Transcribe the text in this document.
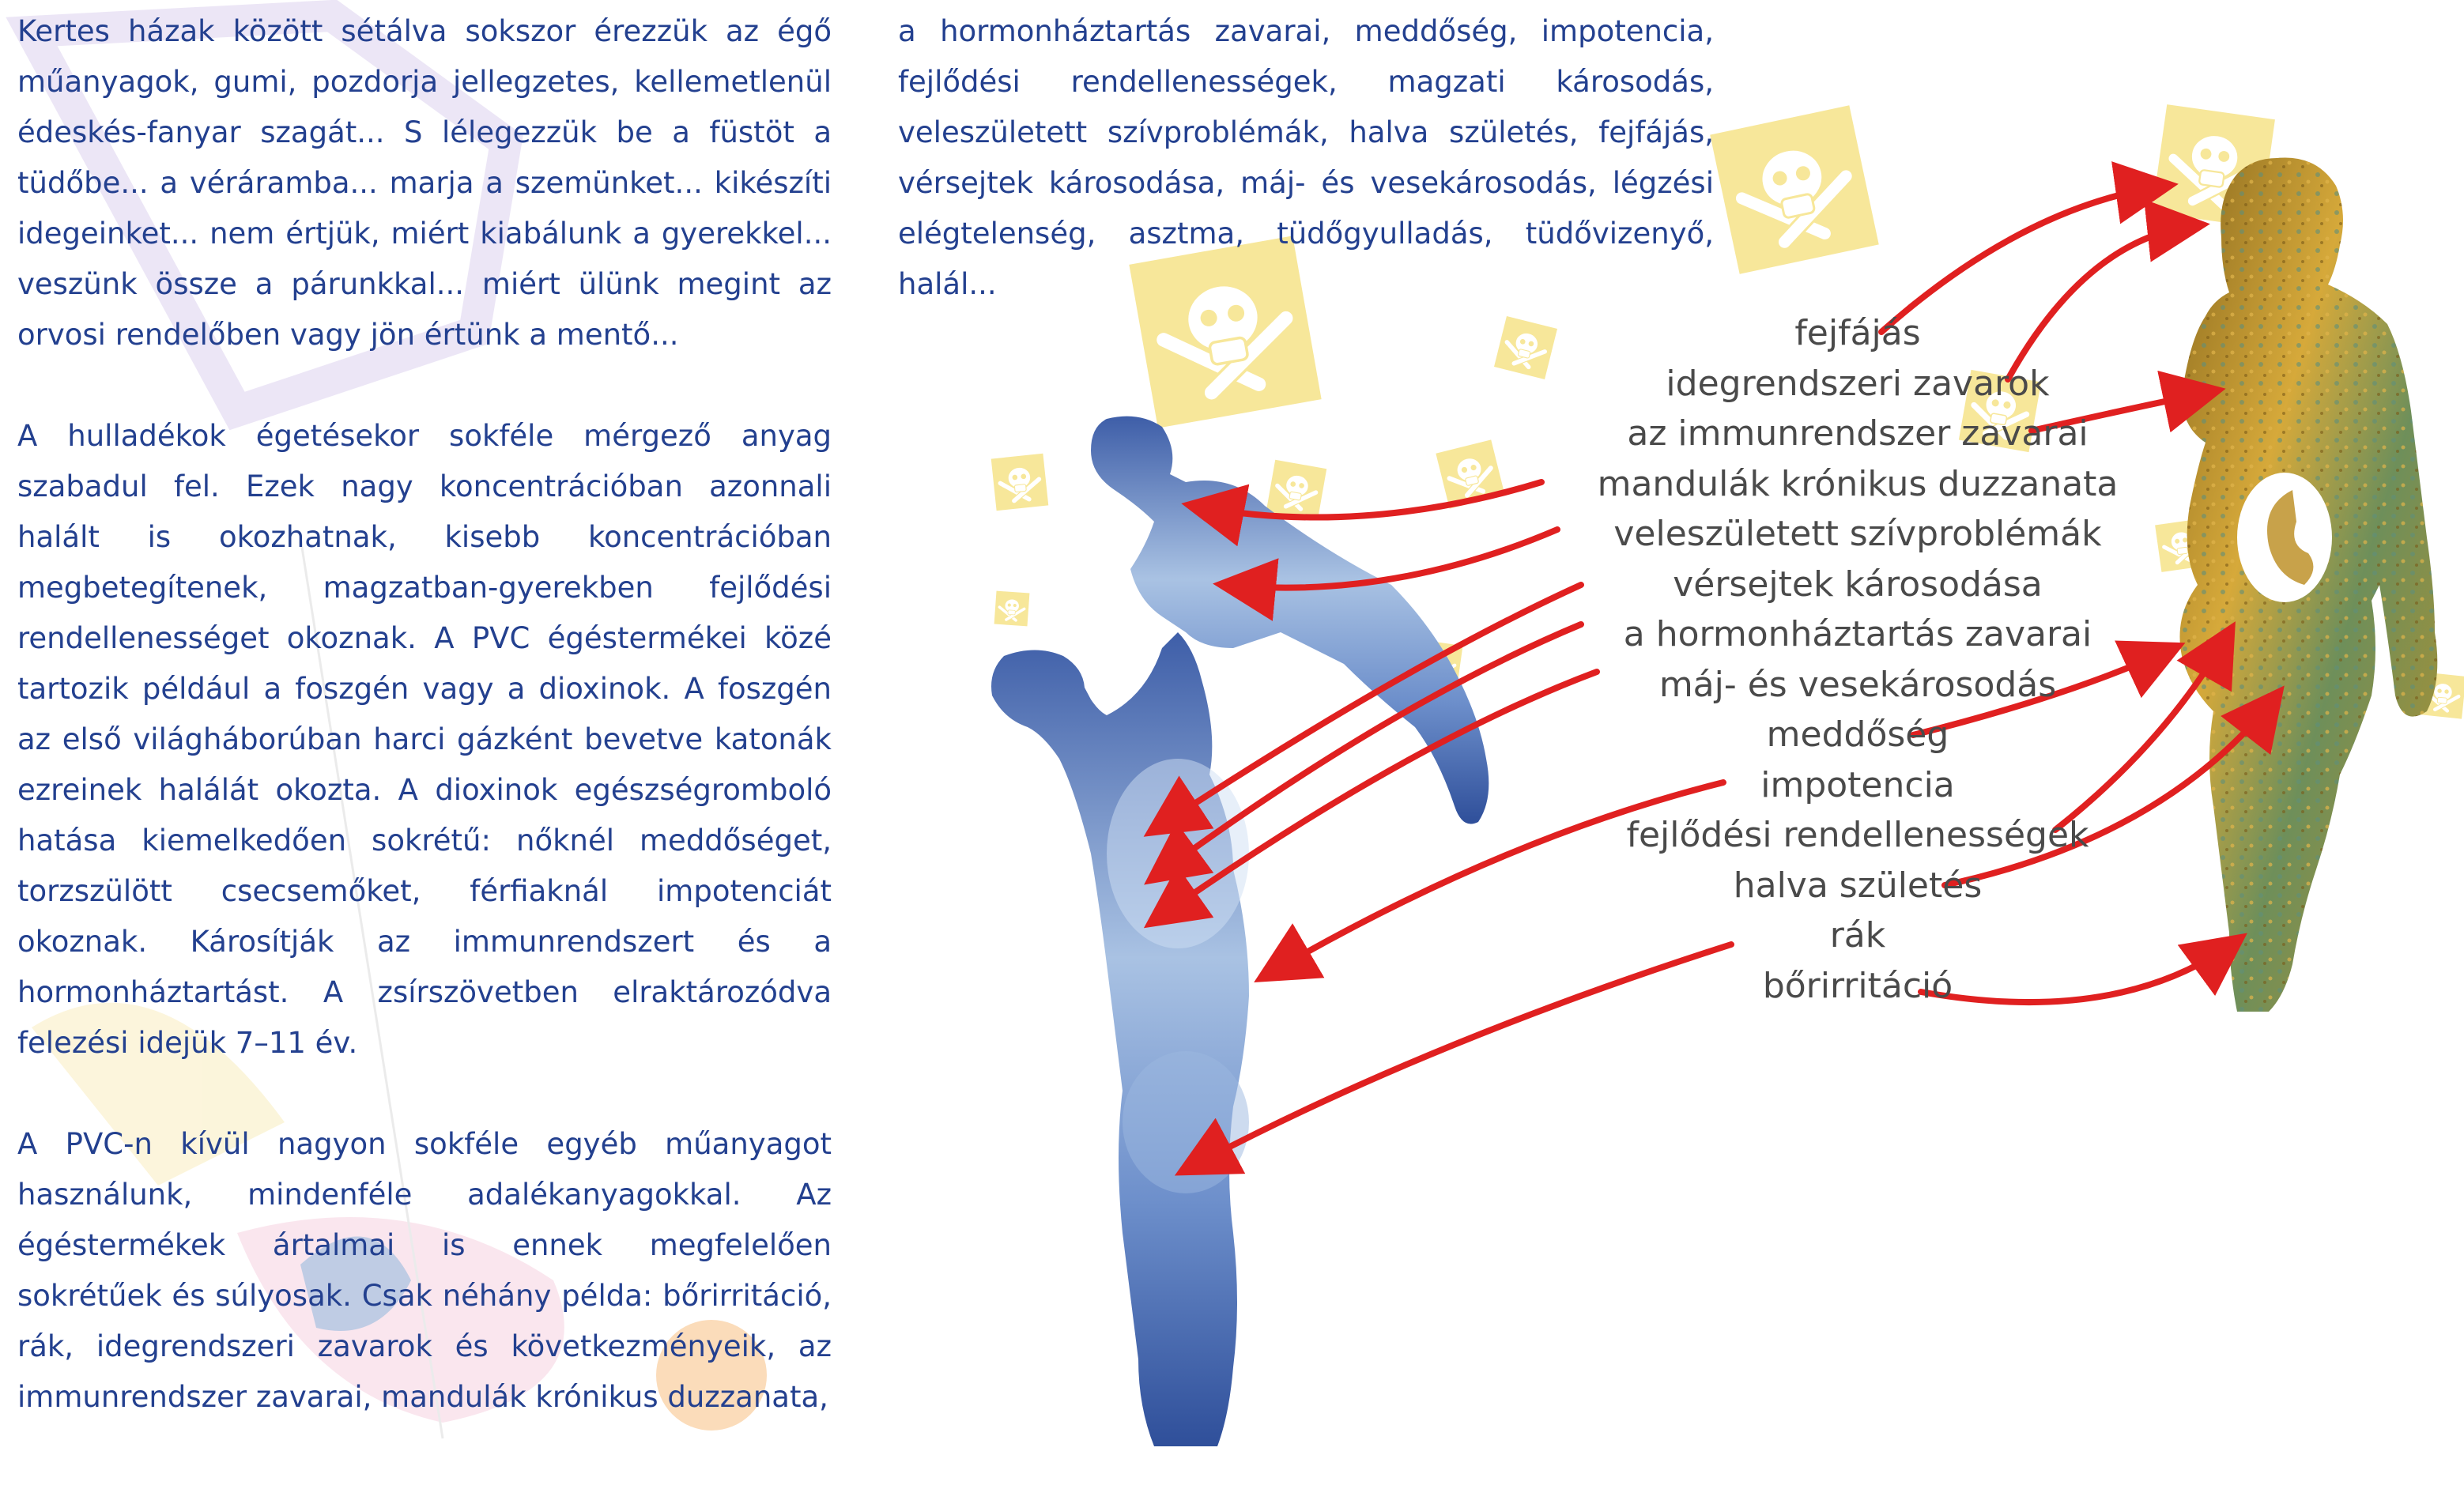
Kertes házak között sétálva sokszor érezzük az égő műanyagok, gumi, pozdorja jellegzetes, kellemetlenül édeskés-fanyar szagát... S lélegezzük be a füstöt a tüdőbe... a véráramba... marja a szemünket... kikészíti idegeinket... nem értjük, miért kiabálunk a gyerekkel... veszünk össze a párunkkal... miért ülünk megint az orvosi rendelőben vagy jön értünk a mentő...

A hulladékok égetésekor sokféle mérgező anyag szabadul fel. Ezek nagy koncentrációban azonnali halált is okozhatnak, kisebb koncentrációban megbetegítenek, magzatban-gyerekben fejlődési rendellenességet okoznak. A PVC égéstermékei közé tartozik például a foszgén vagy a dioxinok. A foszgén az első világháborúban harci gázként bevetve katonák ezreinek halálát okozta. A dioxinok egészségromboló hatása kiemelkedően sokrétű: nőknél meddőséget, torzszülött csecsemőket, férfiaknál impotenciát okoznak. Károsítják az immunrendszert és a hormonháztartást. A zsírszövetben elraktározódva felezési idejük 7–11 év.

A PVC-n kívül nagyon sokféle egyéb műanyagot használunk, mindenféle adalékanyagokkal. Az égéstermékek ártalmai is ennek megfelelően sokrétűek és súlyosak. Csak néhány példa: bőrirritáció, rák, idegrendszeri zavarok és következményeik, az immunrendszer zavarai, mandulák krónikus duzzanata,

a hormonháztartás zavarai, meddőség, impotencia, fejlődési rendellenességek, magzati károsodás, veleszületett szívproblémák, halva születés, fejfájás, vérsejtek károsodása, máj- és vesekárosodás, légzési elégtelenség, asztma, tüdőgyulladás, tüdővizenyő, halál...

fejfájás
idegrendszeri zavarok
az immunrendszer zavarai
mandulák krónikus duzzanata
veleszületett szívproblémák
vérsejtek károsodása
a hormonháztartás zavarai
máj- és vesekárosodás
meddőség
impotencia
fejlődési rendellenességek
halva születés
rák
bőrirritáció
